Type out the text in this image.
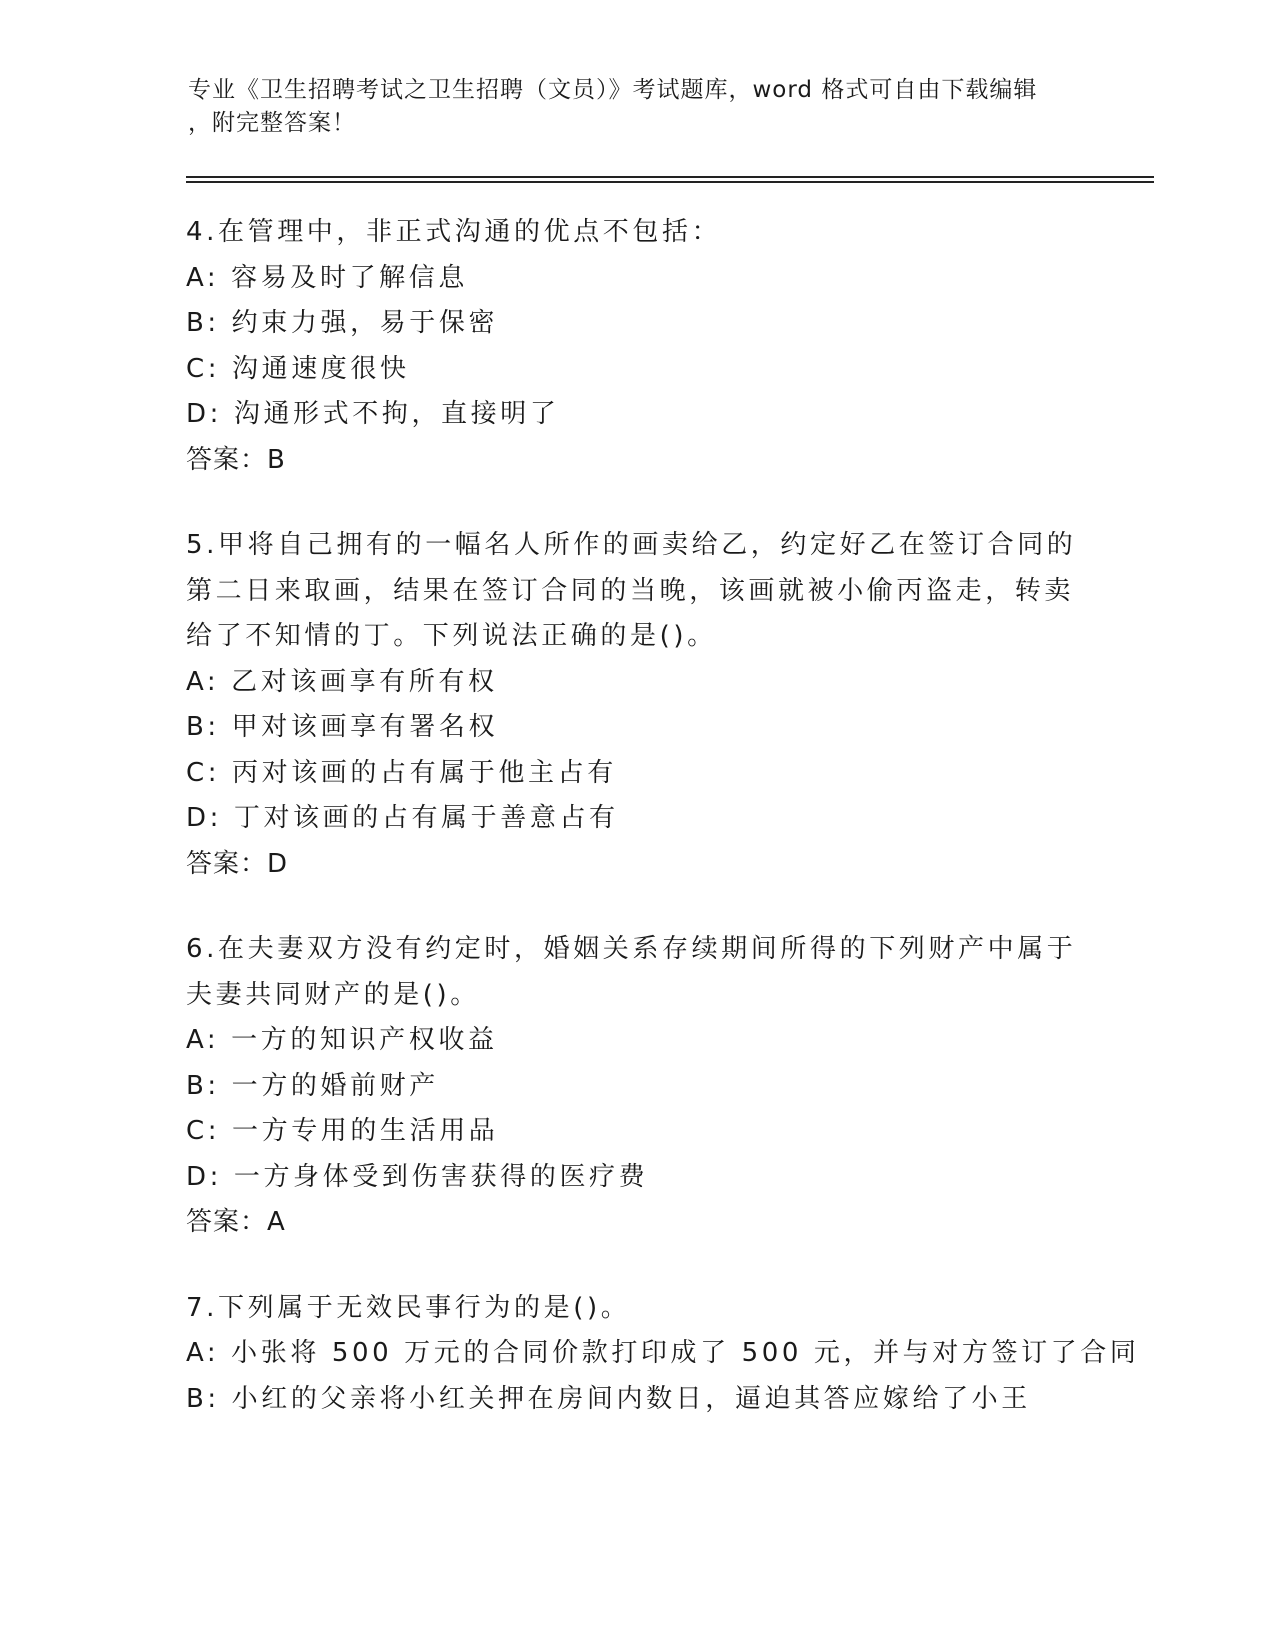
专业《卫生招聘考试之卫生招聘（文员）》考试题库，word 格式可自由下载编辑
，附完整答案！
4.在管理中，非正式沟通的优点不包括：
A: 容易及时了解信息
B: 约束力强，易于保密
C: 沟通速度很快
D: 沟通形式不拘，直接明了
答案：B
5.甲将自己拥有的一幅名人所作的画卖给乙，约定好乙在签订合同的
第二日来取画，结果在签订合同的当晚，该画就被小偷丙盗走，转卖
给了不知情的丁。下列说法正确的是()。
A: 乙对该画享有所有权
B: 甲对该画享有署名权
C: 丙对该画的占有属于他主占有
D: 丁对该画的占有属于善意占有
答案：D
6.在夫妻双方没有约定时，婚姻关系存续期间所得的下列财产中属于
夫妻共同财产的是()。
A: 一方的知识产权收益
B: 一方的婚前财产
C: 一方专用的生活用品
D: 一方身体受到伤害获得的医疗费
答案：A
7.下列属于无效民事行为的是()。
A: 小张将 500 万元的合同价款打印成了 500 元，并与对方签订了合同
B: 小红的父亲将小红关押在房间内数日，逼迫其答应嫁给了小王
